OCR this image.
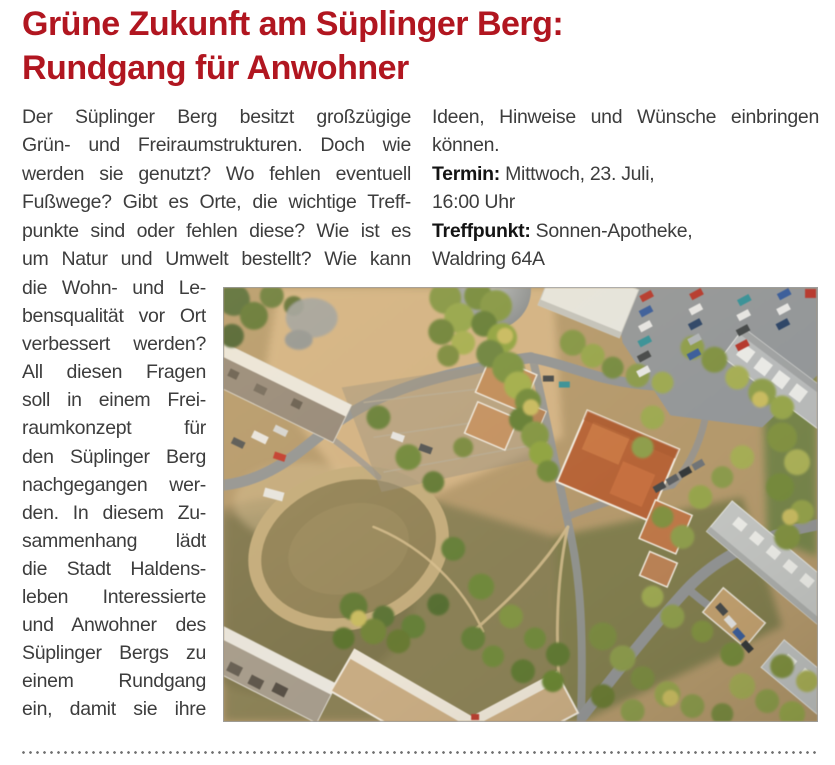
Grüne Zukunft am Süplinger Berg:
Rundgang für Anwohner
Der Süplinger Berg besitzt großzügige
Grün- und Freiraumstrukturen. Doch wie
werden sie genutzt? Wo fehlen eventuell
Fußwege? Gibt es Orte, die wichtige Treff-
punkte sind oder fehlen diese? Wie ist es
um Natur und Umwelt bestellt? Wie kann
die Wohn- und Le-
bensqualität vor Ort
verbessert werden?
All diesen Fragen
soll in einem Frei-
raumkonzept für
den Süplinger Berg
nachgegangen wer-
den. In diesem Zu-
sammenhang lädt
die Stadt Haldens-
leben Interessierte
und Anwohner des
Süplinger Bergs zu
einem Rundgang
ein, damit sie ihre
Ideen, Hinweise und Wünsche einbringen
können.
Termin: Mittwoch, 23. Juli,
16:00 Uhr
Treffpunkt: Sonnen-Apotheke,
Waldring 64A
